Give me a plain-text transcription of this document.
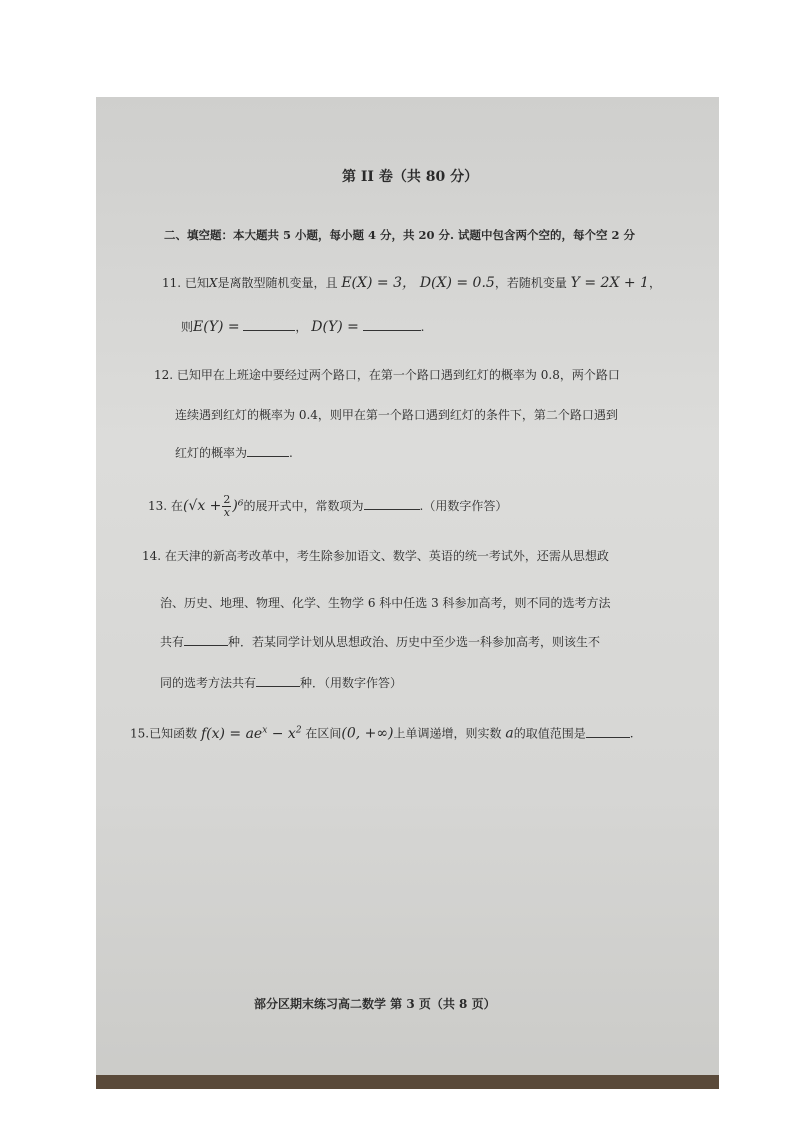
第 II 卷（共 80 分）
二、填空题：本大题共 5 小题，每小题 4 分，共 20 分. 试题中包含两个空的，每个空 2 分
11. 已知X是离散型随机变量，且 E(X) = 3， D(X) = 0.5，若随机变量 Y = 2X + 1，
则E(Y) =	， D(Y) =	.
12. 已知甲在上班途中要经过两个路口，在第一个路口遇到红灯的概率为 0.8，两个路口
连续遇到红灯的概率为 0.4，则甲在第一个路口遇到红灯的条件下，第二个路口遇到
红灯的概率为	.
13. 在$(√x + \frac{2}{x} )^6$的展开式中，常数项为	.（用数字作答）
14. 在天津的新高考改革中，考生除参加语文、数学、英语的统一考试外，还需从思想政
治、历史、地理、物理、化学、生物学 6 科中任选 3 科参加高考，则不同的选考方法
共有	种．若某同学计划从思想政治、历史中至少选一科参加高考，则该生不
同的选考方法共有	种．（用数字作答）
15.已知函数 $f(x) = ae^x - x^2$ 在区间(0, +∞)上单调递增，则实数 a的取值范围是	.
部分区期末练习高二数学 第 3 页（共 8 页）
